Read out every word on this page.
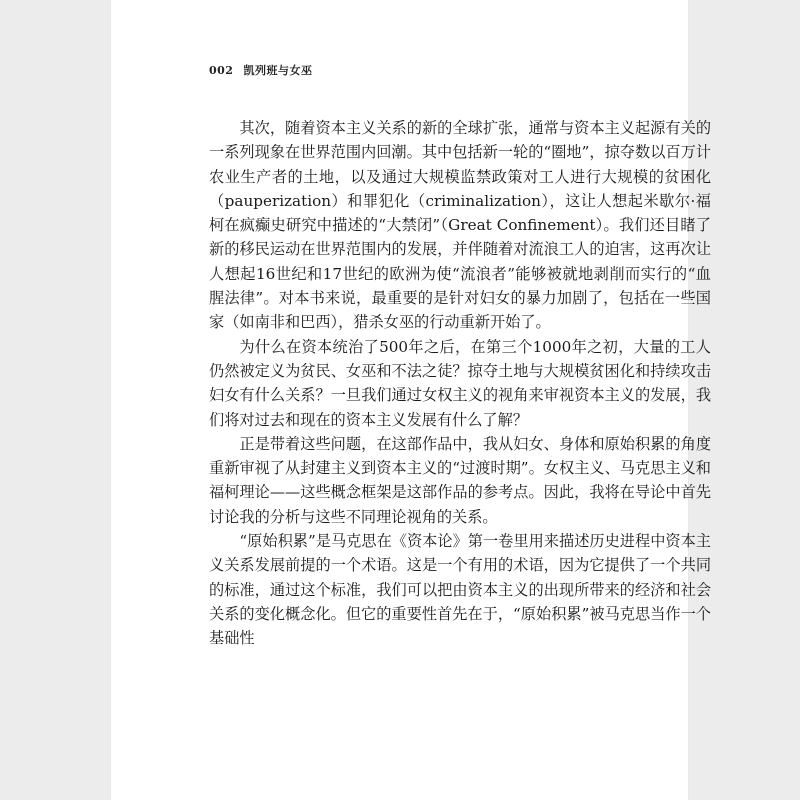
002 凯列班与女巫

其次，随着资本主义关系的新的全球扩张，通常与资本主义起源有关的一系列现象在世界范围内回潮。其中包括新一轮的“圈地”，掠夺数以百万计农业生产者的土地，以及通过大规模监禁政策对工人进行大规模的贫困化（pauperization）和罪犯化（criminalization），这让人想起米歇尔·福柯在疯癫史研究中描述的“大禁闭”（Great Confinement）。我们还目睹了新的移民运动在世界范围内的发展，并伴随着对流浪工人的迫害，这再次让人想起16世纪和17世纪的欧洲为使“流浪者”能够被就地剥削而实行的“血腥法律”。对本书来说，最重要的是针对妇女的暴力加剧了，包括在一些国家（如南非和巴西），猎杀女巫的行动重新开始了。

为什么在资本统治了500年之后，在第三个1000年之初，大量的工人仍然被定义为贫民、女巫和不法之徒？掠夺土地与大规模贫困化和持续攻击妇女有什么关系？一旦我们通过女权主义的视角来审视资本主义的发展，我们将对过去和现在的资本主义发展有什么了解？

正是带着这些问题，在这部作品中，我从妇女、身体和原始积累的角度重新审视了从封建主义到资本主义的“过渡时期”。女权主义、马克思主义和福柯理论——这些概念框架是这部作品的参考点。因此，我将在导论中首先讨论我的分析与这些不同理论视角的关系。

“原始积累”是马克思在《资本论》第一卷里用来描述历史进程中资本主义关系发展前提的一个术语。这是一个有用的术语，因为它提供了一个共同的标准，通过这个标准，我们可以把由资本主义的出现所带来的经济和社会关系的变化概念化。但它的重要性首先在于，“原始积累”被马克思当作一个基础性
